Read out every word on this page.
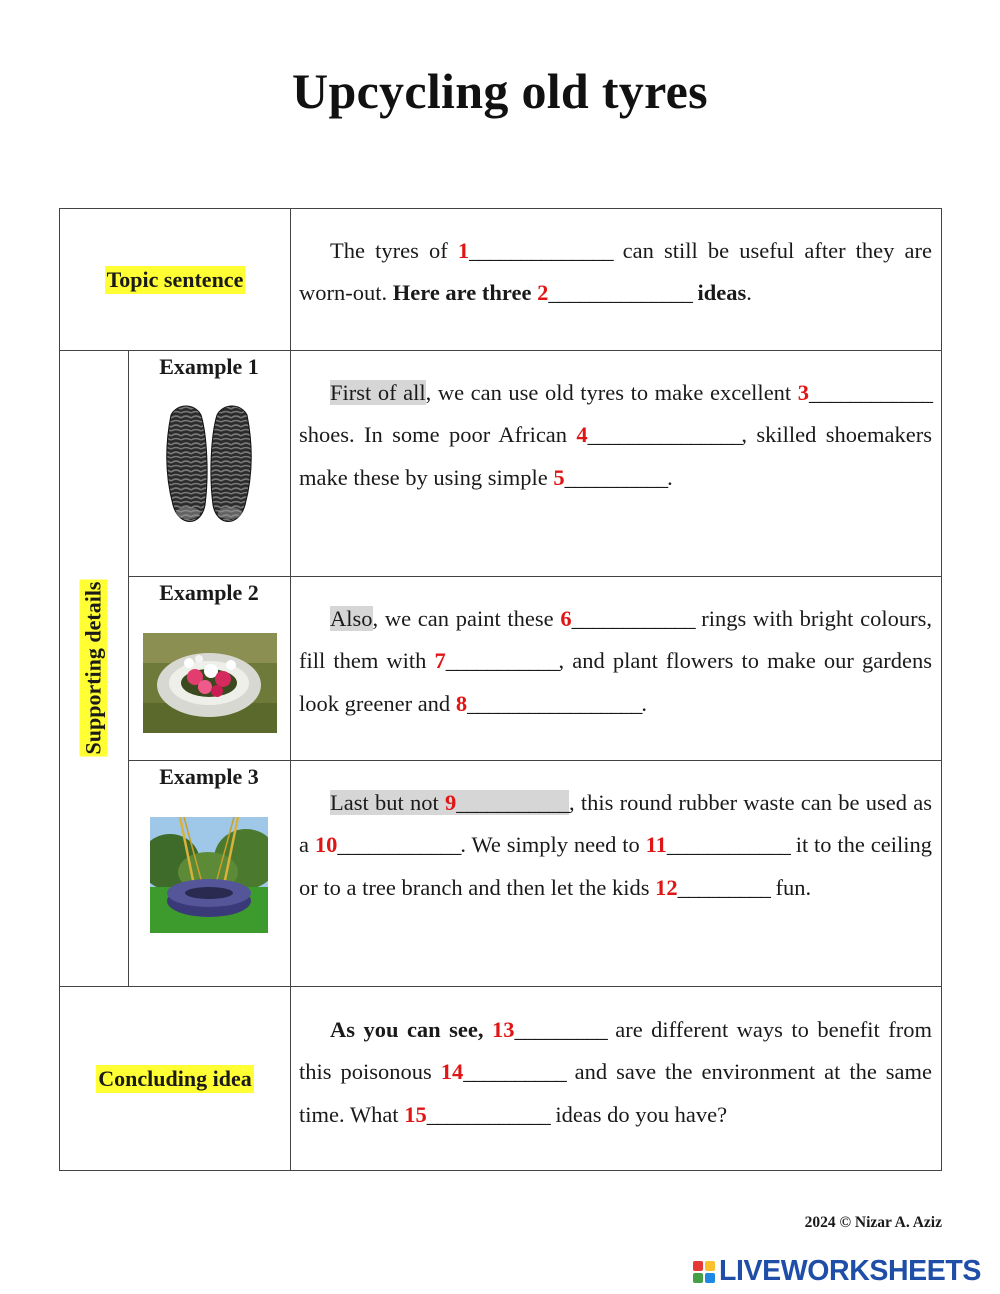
Upcycling old tyres
Topic sentence
The tyres of 1______________ can still be useful after they are worn-out. Here are three 2______________ ideas.
Supporting details
Example 1
First of all, we can use old tyres to make excellent 3____________ shoes. In some poor African 4_______________, skilled shoemakers make these by using simple 5__________.
Example 2
Also, we can paint these 6____________ rings with bright colours, fill them with 7___________, and plant flowers to make our gardens look greener and 8_________________.
Example 3
Last but not 9___________, this round rubber waste can be used as a 10____________. We simply need to 11____________ it to the ceiling or to a tree branch and then let the kids 12_________ fun.
Concluding idea
As you can see, 13_________ are different ways to benefit from this poisonous 14__________ and save the environment at the same time. What 15____________ ideas do you have?
2024 © Nizar A. Aziz
LIVEWORKSHEETS
